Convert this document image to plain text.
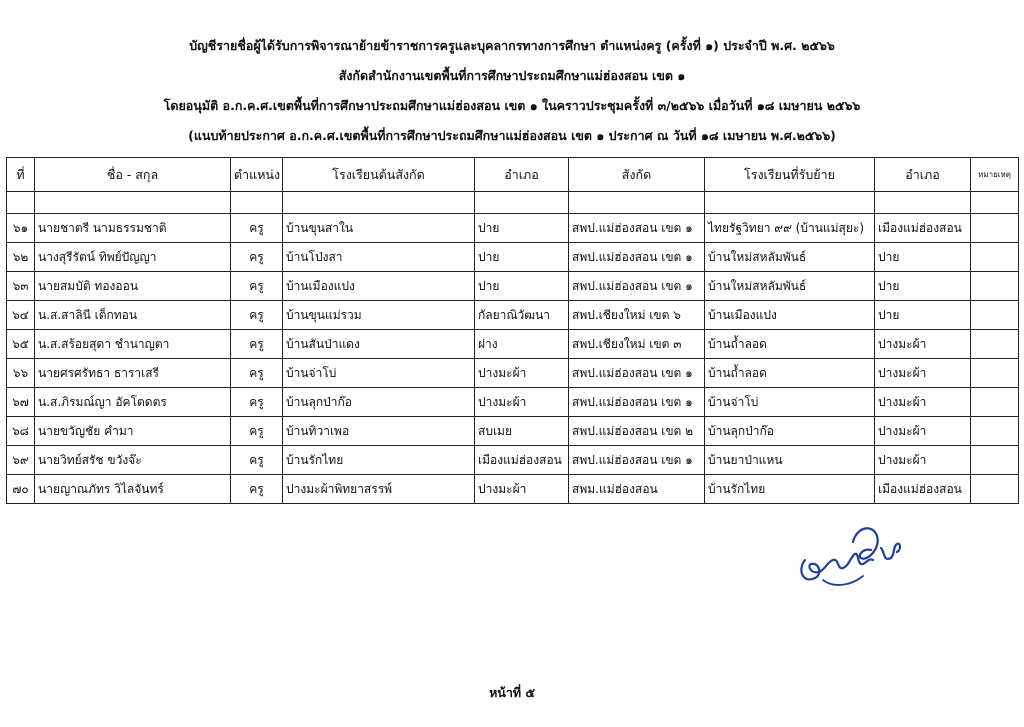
บัญชีรายชื่อผู้ได้รับการพิจารณาย้ายข้าราชการครูและบุคลากรทางการศึกษา ตำแหน่งครู (ครั้งที่ ๑) ประจำปี พ.ศ. ๒๕๖๖
สังกัดสำนักงานเขตพื้นที่การศึกษาประถมศึกษาแม่ฮ่องสอน เขต ๑
โดยอนุมัติ อ.ก.ค.ศ.เขตพื้นที่การศึกษาประถมศึกษาแม่ฮ่องสอน เขต ๑ ในคราวประชุมครั้งที่ ๓/๒๕๖๖ เมื่อวันที่ ๑๘ เมษายน ๒๕๖๖
(แนบท้ายประกาศ อ.ก.ค.ศ.เขตพื้นที่การศึกษาประถมศึกษาแม่ฮ่องสอน เขต ๑ ประกาศ ณ วันที่ ๑๘ เมษายน พ.ศ.๒๕๖๖)
ที่	ชื่อ - สกุล	ตำแหน่ง	โรงเรียนต้นสังกัด	อำเภอ	สังกัด	โรงเรียนที่รับย้าย	อำเภอ	หมายเหตุ

๖๑	นายชาตรี นามธรรมชาติ	ครู	บ้านขุนสาใน	ปาย	สพป.แม่ฮ่องสอน เขต ๑	ไทยรัฐวิทยา ๙๙ (บ้านแม่สุยะ)	เมืองแม่ฮ่องสอน	
๖๒	นางสุรีรัตน์ ทิพย์ปัญญา	ครู	บ้านโป่งสา	ปาย	สพป.แม่ฮ่องสอน เขต ๑	บ้านใหม่สหลัมพันธ์	ปาย	
๖๓	นายสมบัติ ทองออน	ครู	บ้านเมืองแปง	ปาย	สพป.แม่ฮ่องสอน เขต ๑	บ้านใหม่สหลัมพันธ์	ปาย	
๖๔	น.ส.สาลินี เต็กทอน	ครู	บ้านขุนแม่รวม	กัลยาณิวัฒนา	สพป.เชียงใหม่ เขต ๖	บ้านเมืองแปง	ปาย	
๖๕	น.ส.สร้อยสุดา ชำนาญตา	ครู	บ้านสันป่าแดง	ฝาง	สพป.เชียงใหม่ เขต ๓	บ้านถ้ำลอด	ปางมะผ้า	
๖๖	นายศรศรัทธา ธาราเสรี	ครู	บ้านจ่าโบ่	ปางมะผ้า	สพป.แม่ฮ่องสอน เขต ๑	บ้านถ้ำลอด	ปางมะผ้า	
๖๗	น.ส.ภิรมณ์ญา อัคโตดตร	ครู	บ้านลุกป่าก๊อ	ปางมะผ้า	สพป.แม่ฮ่องสอน เขต ๑	บ้านจ่าโบ่	ปางมะผ้า	
๖๘	นายขวัญชัย คำมา	ครู	บ้านทิวาเพอ	สบเมย	สพป.แม่ฮ่องสอน เขต ๒	บ้านลุกป่าก๊อ	ปางมะผ้า	
๖๙	นายวิทย์สรัช ขวังจ๊ะ	ครู	บ้านรักไทย	เมืองแม่ฮ่องสอน	สพป.แม่ฮ่องสอน เขต ๑	บ้านยาป่าแหน	ปางมะผ้า	
๗๐	นายญาณภัทร วิไลจันทร์	ครู	ปางมะผ้าพิทยาสรรพ์	ปางมะผ้า	สพม.แม่ฮ่องสอน	บ้านรักไทย	เมืองแม่ฮ่องสอน	
หน้าที่ ๕
